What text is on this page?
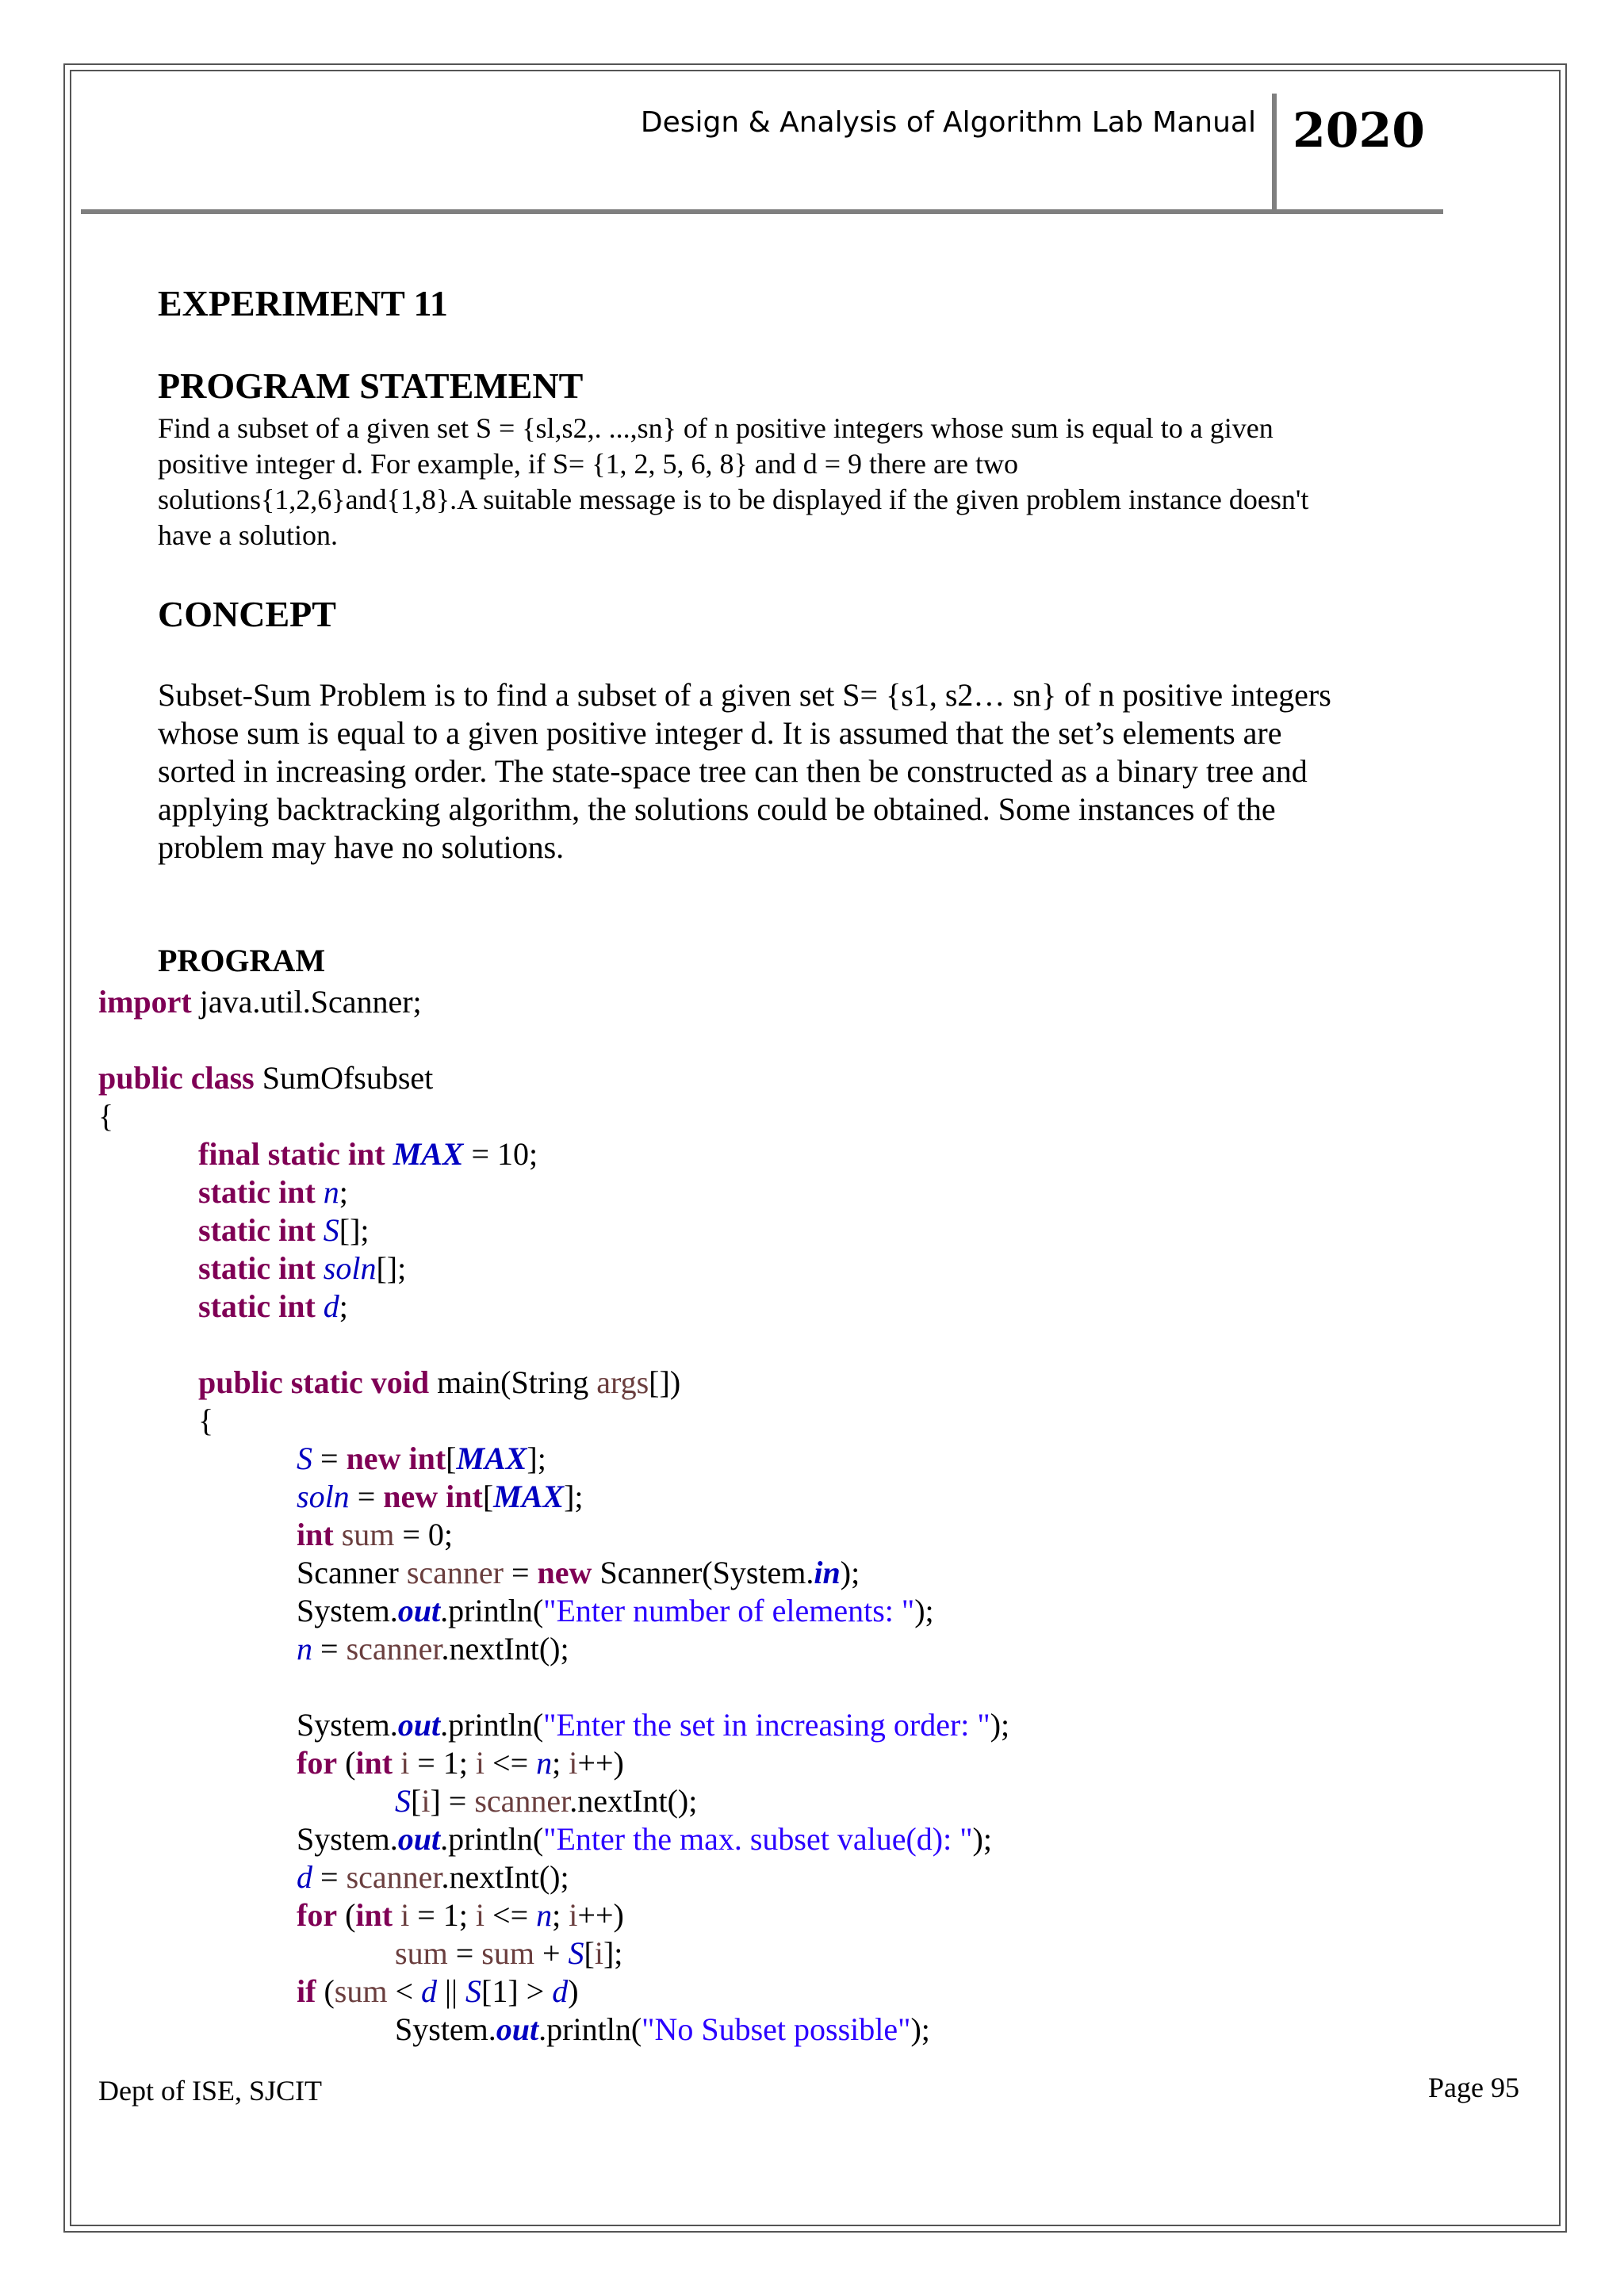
Design & Analysis of Algorithm Lab Manual 2020
EXPERIMENT 11
PROGRAM STATEMENT
Find a subset of a given set S = {sl,s2,. ...,sn} of n positive integers whose sum is equal to a given
positive integer d. For example, if S= {1, 2, 5, 6, 8} and d = 9 there are two
solutions{1,2,6}and{1,8}.A suitable message is to be displayed if the given problem instance doesn't
have a solution.
CONCEPT
Subset-Sum Problem is to find a subset of a given set S= {s1, s2… sn} of n positive integers
whose sum is equal to a given positive integer d. It is assumed that the set’s elements are
sorted in increasing order. The state-space tree can then be constructed as a binary tree and
applying backtracking algorithm, the solutions could be obtained. Some instances of the
problem may have no solutions.
PROGRAM
import java.util.Scanner;
public class SumOfsubset
{
final static int MAX = 10;
static int n;
static int S[];
static int soln[];
static int d;
public static void main(String args[])
{
S = new int[MAX];
soln = new int[MAX];
int sum = 0;
Scanner scanner = new Scanner(System.in);
System.out.println("Enter number of elements: ");
n = scanner.nextInt();
System.out.println("Enter the set in increasing order: ");
for (int i = 1; i <= n; i++)
S[i] = scanner.nextInt();
System.out.println("Enter the max. subset value(d): ");
d = scanner.nextInt();
for (int i = 1; i <= n; i++)
sum = sum + S[i];
if (sum < d || S[1] > d)
System.out.println("No Subset possible");
Dept of ISE, SJCIT	Page 95
